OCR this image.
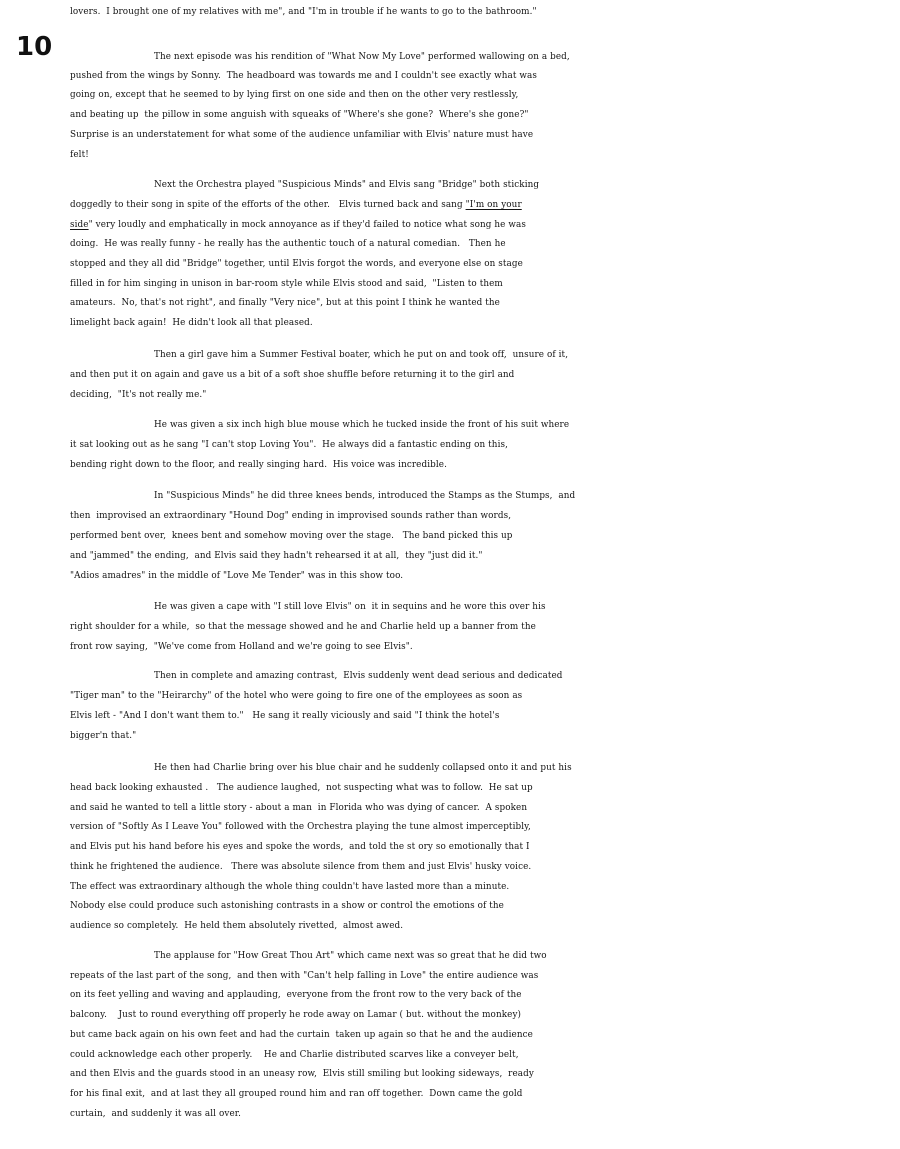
10
lovers.  I brought one of my relatives with me", and "I'm in trouble if he wants to go to the bathroom."
The next episode was his rendition of "What Now My Love" performed wallowing on a bed,
pushed from the wings by Sonny.  The headboard was towards me and I couldn't see exactly what was
going on, except that he seemed to by lying first on one side and then on the other very restlessly,
and beating up  the pillow in some anguish with squeaks of "Where's she gone?  Where's she gone?"
Surprise is an understatement for what some of the audience unfamiliar with Elvis' nature must have
felt!
Next the Orchestra played "Suspicious Minds" and Elvis sang "Bridge" both sticking
doggedly to their song in spite of the efforts of the other.   Elvis turned back and sang "I'm on your
side" very loudly and emphatically in mock annoyance as if they'd failed to notice what song he was
doing.  He was really funny - he really has the authentic touch of a natural comedian.   Then he
stopped and they all did "Bridge" together, until Elvis forgot the words, and everyone else on stage
filled in for him singing in unison in bar-room style while Elvis stood and said,  "Listen to them
amateurs.  No, that's not right", and finally "Very nice", but at this point I think he wanted the
limelight back again!  He didn't look all that pleased.
Then a girl gave him a Summer Festival boater, which he put on and took off,  unsure of it,
and then put it on again and gave us a bit of a soft shoe shuffle before returning it to the girl and
deciding,  "It's not really me."
He was given a six inch high blue mouse which he tucked inside the front of his suit where
it sat looking out as he sang "I can't stop Loving You".  He always did a fantastic ending on this,
bending right down to the floor, and really singing hard.  His voice was incredible.
In "Suspicious Minds" he did three knees bends, introduced the Stamps as the Stumps,  and
then  improvised an extraordinary "Hound Dog" ending in improvised sounds rather than words,
performed bent over,  knees bent and somehow moving over the stage.   The band picked this up
and "jammed" the ending,  and Elvis said they hadn't rehearsed it at all,  they "just did it."
"Adios amadres" in the middle of "Love Me Tender" was in this show too.
He was given a cape with "I still love Elvis" on  it in sequins and he wore this over his
right shoulder for a while,  so that the message showed and he and Charlie held up a banner from the
front row saying,  "We've come from Holland and we're going to see Elvis".
Then in complete and amazing contrast,  Elvis suddenly went dead serious and dedicated
"Tiger man" to the "Heirarchy" of the hotel who were going to fire one of the employees as soon as
Elvis left - "And I don't want them to."   He sang it really viciously and said "I think the hotel's
bigger'n that."
He then had Charlie bring over his blue chair and he suddenly collapsed onto it and put his
head back looking exhausted .   The audience laughed,  not suspecting what was to follow.  He sat up
and said he wanted to tell a little story - about a man  in Florida who was dying of cancer.  A spoken
version of "Softly As I Leave You" followed with the Orchestra playing the tune almost imperceptibly,
and Elvis put his hand before his eyes and spoke the words,  and told the st ory so emotionally that I
think he frightened the audience.   There was absolute silence from them and just Elvis' husky voice.
The effect was extraordinary although the whole thing couldn't have lasted more than a minute.
Nobody else could produce such astonishing contrasts in a show or control the emotions of the
audience so completely.  He held them absolutely rivetted,  almost awed.
The applause for "How Great Thou Art" which came next was so great that he did two
repeats of the last part of the song,  and then with "Can't help falling in Love" the entire audience was
on its feet yelling and waving and applauding,  everyone from the front row to the very back of the
balcony.    Just to round everything off properly he rode away on Lamar ( but. without the monkey)
but came back again on his own feet and had the curtain  taken up again so that he and the audience
could acknowledge each other properly.    He and Charlie distributed scarves like a conveyer belt,
and then Elvis and the guards stood in an uneasy row,  Elvis still smiling but looking sideways,  ready
for his final exit,  and at last they all grouped round him and ran off together.  Down came the gold
curtain,  and suddenly it was all over.
